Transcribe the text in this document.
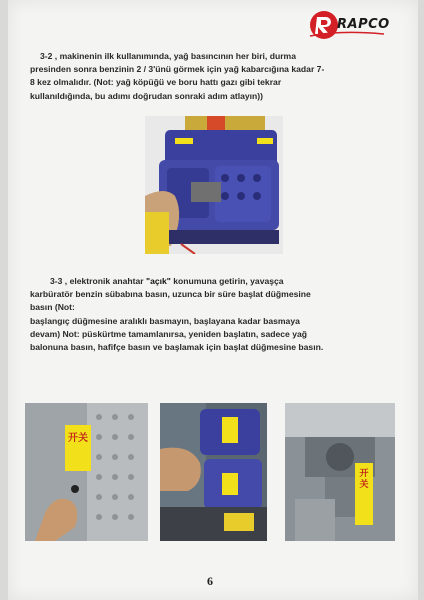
RAPCO
3-2 , makinenin ilk kullanımında, yağ basıncının her biri, durma
presinden sonra benzinin 2 / 3'ünü görmek için yağ kabarcığına kadar 7-
8 kez olmalıdır. (Not: yağ köpüğü ve boru hattı gazı gibi tekrar
kullanıldığında, bu adımı doğrudan sonraki adım atlayın))
3-3 , elektronik anahtar "açık" konumuna getirin, yavaşça
karbüratör benzin sübabına basın, uzunca bir süre başlat düğmesine
basın (Not:
başlangıç düğmesine aralıklı basmayın, başlayana kadar basmaya
devam) Not: püskürtme tamamlanırsa, yeniden başlatın, sadece yağ
balonuna basın, hafifçe basın ve başlamak için başlat düğmesine basın.
开关
开关
6
